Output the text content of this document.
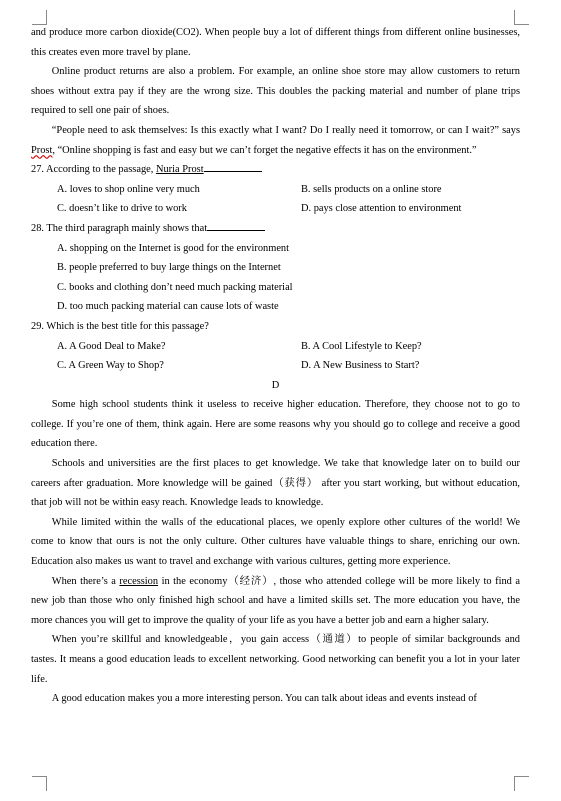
and produce more carbon dioxide(CO2). When people buy a lot of different things from different online businesses, this creates even more travel by plane.

Online product returns are also a problem. For example, an online shoe store may allow customers to return shoes without extra pay if they are the wrong size. This doubles the packing material and number of plane trips required to sell one pair of shoes.

“People need to ask themselves: Is this exactly what I want? Do I really need it tomorrow, or can I wait?” says Prost, “Online shopping is fast and easy but we can’t forget the negative effects it has on the environment.”

27. According to the passage, Nuria Prost

A. loves to shop online very much	B. sells products on a online store
C. doesn’t like to drive to work	D. pays close attention to environment

28. The third paragraph mainly shows that

A. shopping on the Internet is good for the environment
B. people preferred to buy large things on the Internet
C. books and clothing don’t need much packing material
D. too much packing material can cause lots of waste

29. Which is the best title for this passage?

A. A Good Deal to Make?	B. A Cool Lifestyle to Keep?
C. A Green Way to Shop?	D. A New Business to Start?

D

Some high school students think it useless to receive higher education. Therefore, they choose not to go to college. If you’re one of them, think again. Here are some reasons why you should go to college and receive a good education there.

Schools and universities are the first places to get knowledge. We take that knowledge later on to build our careers after graduation. More knowledge will be gained（获得） after you start working, but without education, that job will not be within easy reach. Knowledge leads to knowledge.

While limited within the walls of the educational places, we openly explore other cultures of the world! We come to know that ours is not the only culture. Other cultures have valuable things to share, enriching our own. Education also makes us want to travel and exchange with various cultures, getting more experience.

When there’s a recession in the economy（经济）, those who attended college will be more likely to find a new job than those who only finished high school and have a limited skills set. The more education you have, the more chances you will get to improve the quality of your life as you have a better job and earn a higher salary.

When you’re skillful and knowledgeable，you gain access（通道）to people of similar backgrounds and tastes. It means a good education leads to excellent networking. Good networking can benefit you a lot in your later life.

A good education makes you a more interesting person. You can talk about ideas and events instead of
